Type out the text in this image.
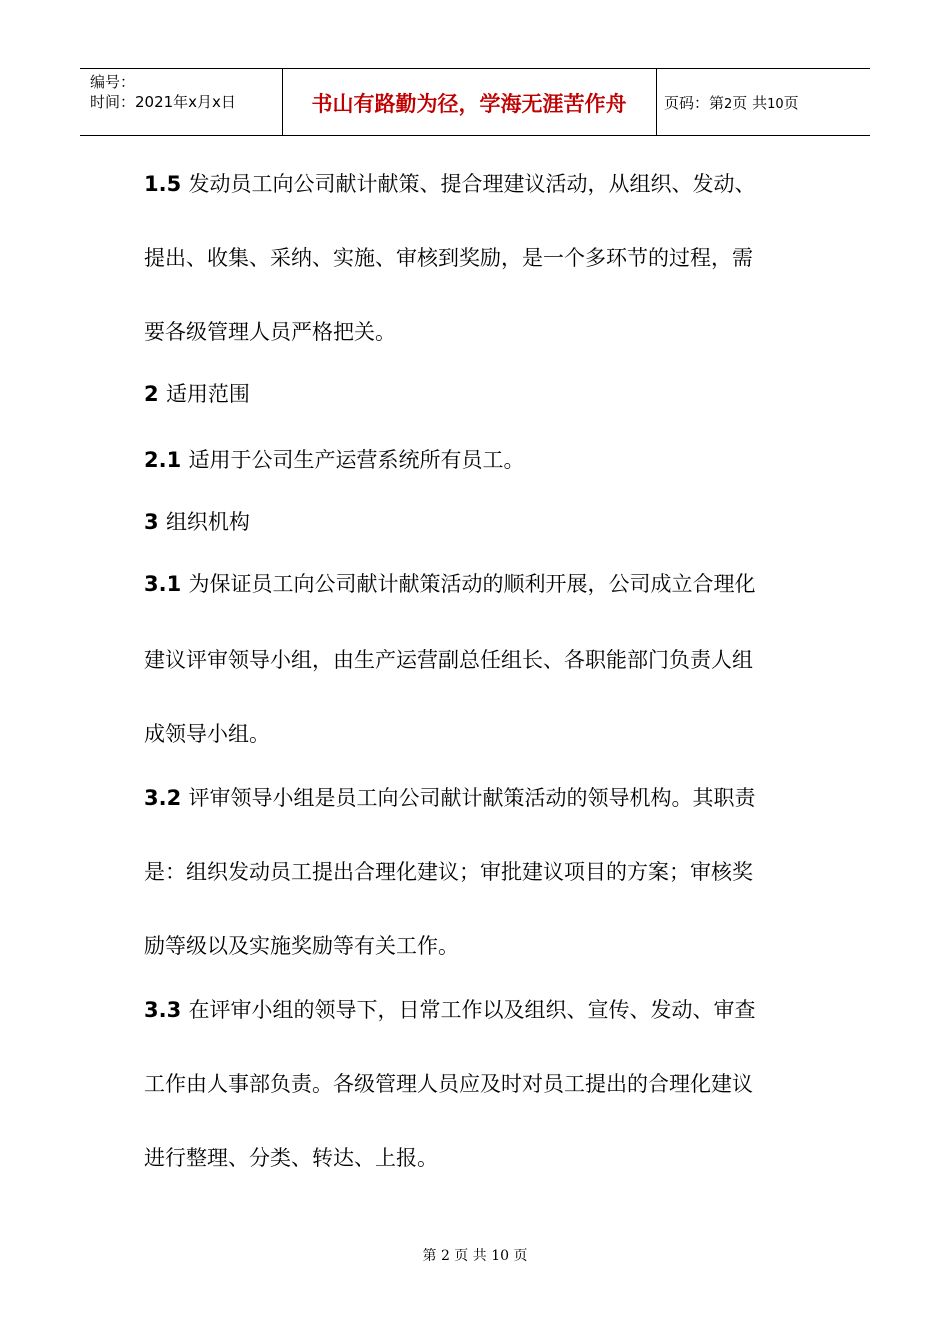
编号：
时间：2021年x月x日	书山有路勤为径，学海无涯苦作舟	页码：第2页 共10页
1.5 发动员工向公司献计献策、提合理建议活动，从组织、发动、
提出、收集、采纳、实施、审核到奖励，是一个多环节的过程，需
要各级管理人员严格把关。
2 适用范围
2.1 适用于公司生产运营系统所有员工。
3 组织机构
3.1 为保证员工向公司献计献策活动的顺利开展，公司成立合理化
建议评审领导小组，由生产运营副总任组长、各职能部门负责人组
成领导小组。
3.2 评审领导小组是员工向公司献计献策活动的领导机构。其职责
是：组织发动员工提出合理化建议；审批建议项目的方案；审核奖
励等级以及实施奖励等有关工作。
3.3 在评审小组的领导下，日常工作以及组织、宣传、发动、审查
工作由人事部负责。各级管理人员应及时对员工提出的合理化建议
进行整理、分类、转达、上报。
第 2 页 共 10 页
